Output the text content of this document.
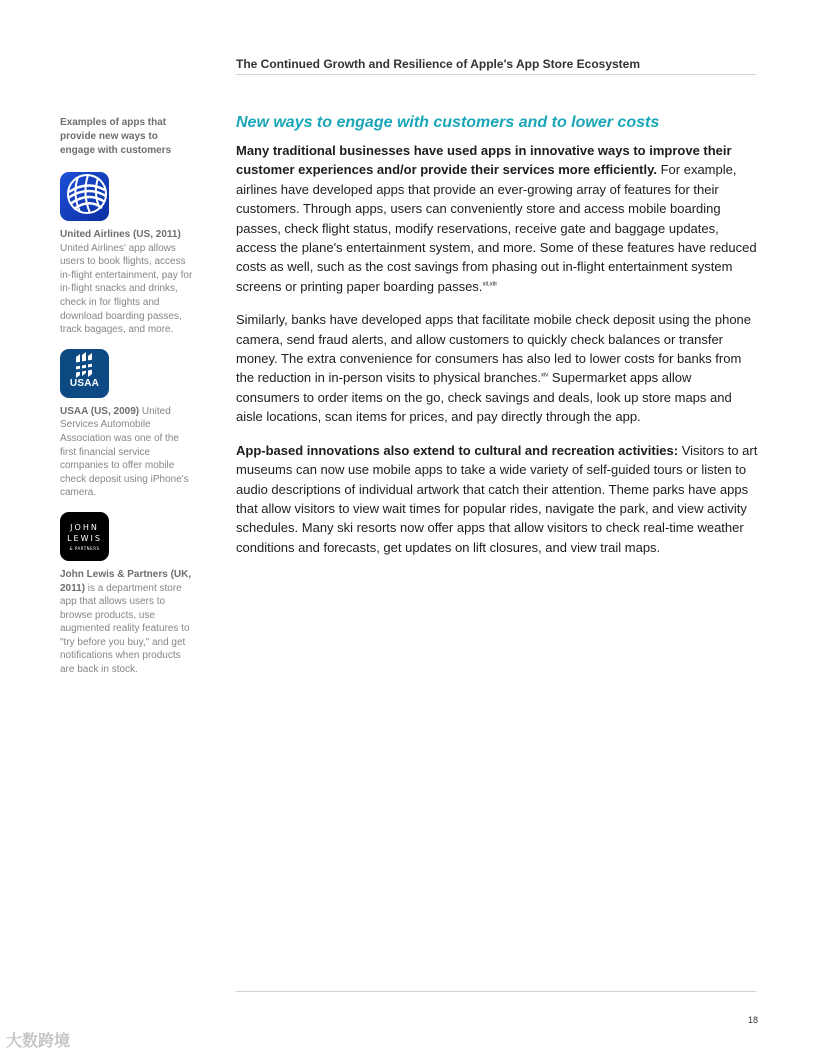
The Continued Growth and Resilience of Apple's App Store Ecosystem

Examples of apps that provide new ways to engage with customers

United Airlines (US, 2011) United Airlines' app allows users to book flights, access in-flight entertainment, pay for in-flight snacks and drinks, check in for flights and download boarding passes, track bagages, and more.

USAA

USAA (US, 2009) United Services Automobile Association was one of the first financial service companies to offer mobile check deposit using iPhone's camera.

JOHN
LEWIS
& PARTNERS

John Lewis & Partners (UK, 2011) is a department store app that allows users to browse products, use augmented reality features to "try before you buy," and get notifications when products are back in stock.

New ways to engage with customers and to lower costs

Many traditional businesses have used apps in innovative ways to improve their customer experiences and/or provide their services more efficiently. For example, airlines have developed apps that provide an ever-growing array of features for their customers. Through apps, users can conveniently store and access mobile boarding passes, check flight status, modify reservations, receive gate and baggage updates, access the plane's entertainment system, and more. Some of these features have reduced costs as well, such as the cost savings from phasing out in-flight entertainment system screens or printing paper boarding passes.$^{xii,xiii}$

Similarly, banks have developed apps that facilitate mobile check deposit using the phone camera, send fraud alerts, and allow customers to quickly check balances or transfer money. The extra convenience for consumers has also led to lower costs for banks from the reduction in in-person visits to physical branches.$^{xiv}$ Supermarket apps allow consumers to order items on the go, check savings and deals, look up store maps and aisle locations, scan items for prices, and pay directly through the app.

App-based innovations also extend to cultural and recreation activities: Visitors to art museums can now use mobile apps to take a wide variety of self-guided tours or listen to audio descriptions of individual artwork that catch their attention. Theme parks have apps that allow visitors to view wait times for popular rides, navigate the park, and view activity schedules. Many ski resorts now offer apps that allow visitors to check real-time weather conditions and forecasts, get updates on lift closures, and view trail maps.

18
大数跨境
